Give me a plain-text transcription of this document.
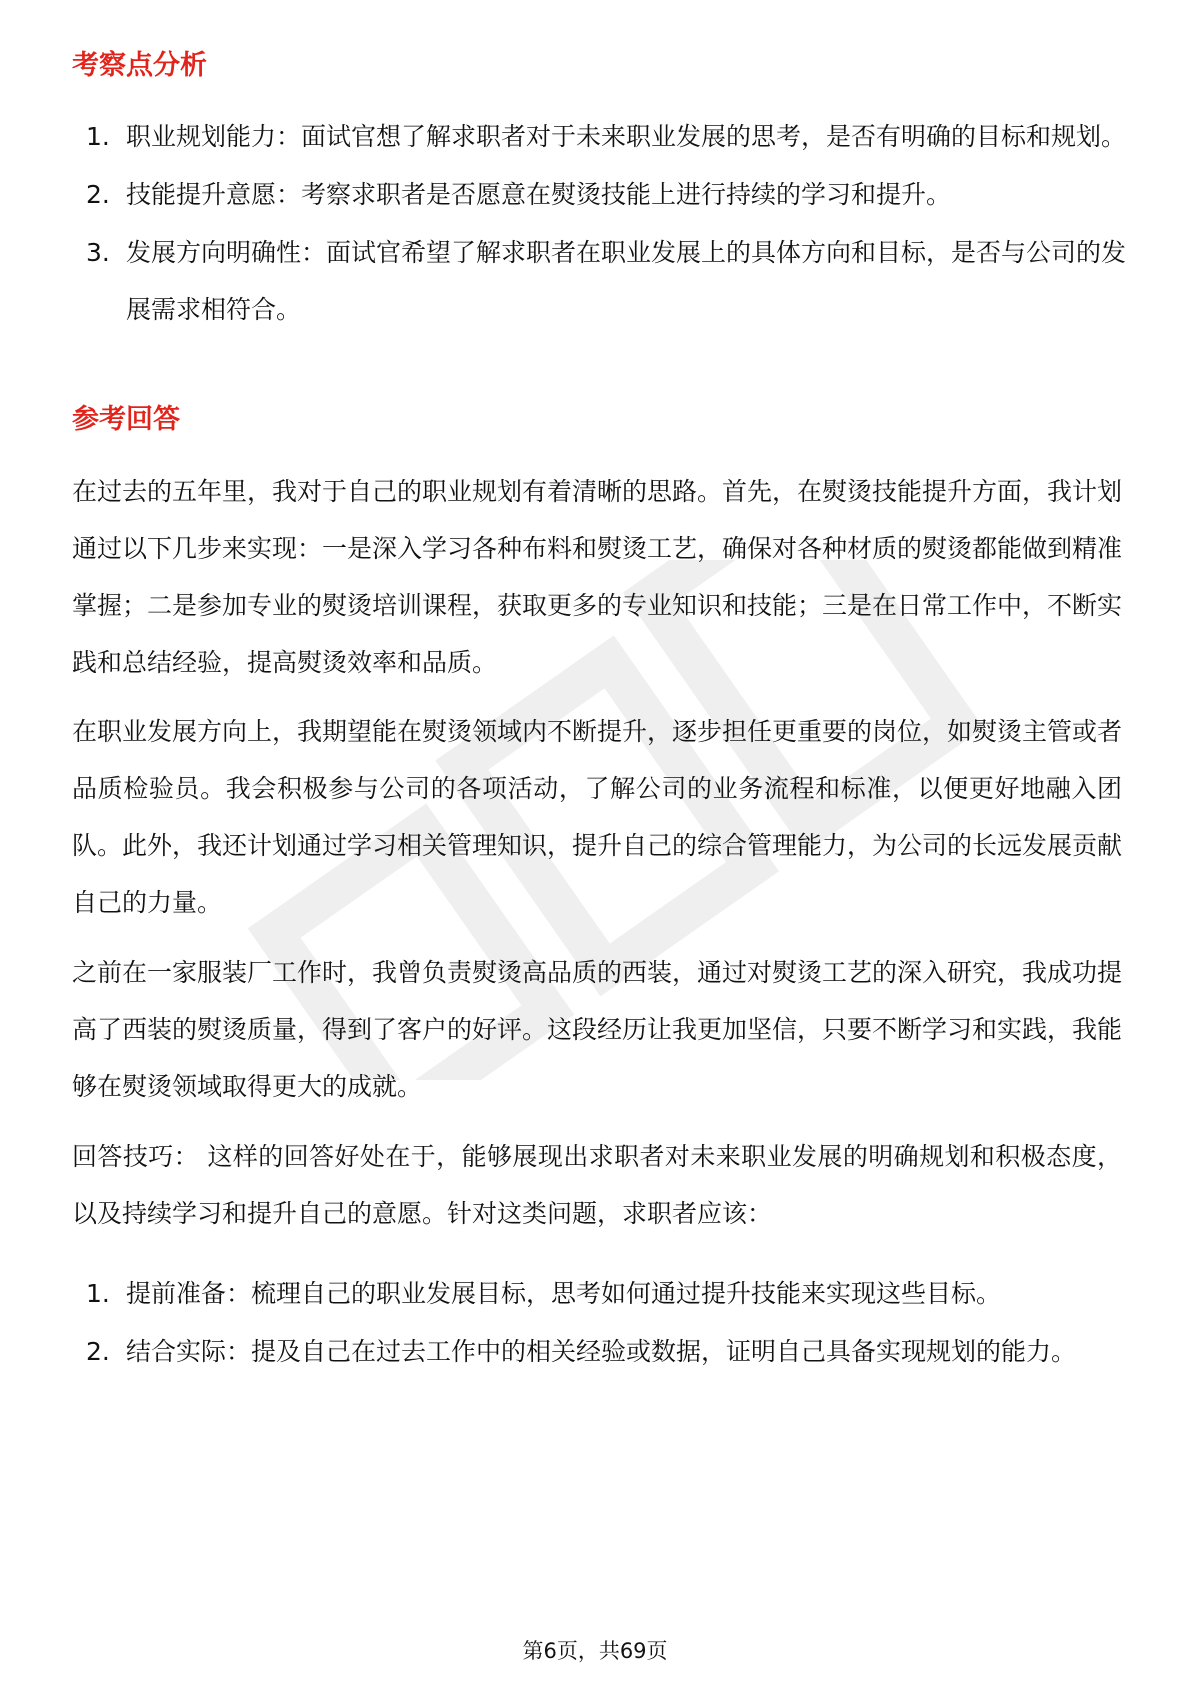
考察点分析
1. 职业规划能力：面试官想了解求职者对于未来职业发展的思考，是否有明确的目标和规划。
2. 技能提升意愿：考察求职者是否愿意在熨烫技能上进行持续的学习和提升。
3. 发展方向明确性：面试官希望了解求职者在职业发展上的具体方向和目标，是否与公司的发展需求相符合。
参考回答

在过去的五年里，我对于自己的职业规划有着清晰的思路。首先，在熨烫技能提升方面，我计划通过以下几步来实现：一是深入学习各种布料和熨烫工艺，确保对各种材质的熨烫都能做到精准掌握；二是参加专业的熨烫培训课程，获取更多的专业知识和技能；三是在日常工作中，不断实践和总结经验，提高熨烫效率和品质。

在职业发展方向上，我期望能在熨烫领域内不断提升，逐步担任更重要的岗位，如熨烫主管或者品质检验员。我会积极参与公司的各项活动，了解公司的业务流程和标准，以便更好地融入团队。此外，我还计划通过学习相关管理知识，提升自己的综合管理能力，为公司的长远发展贡献自己的力量。

之前在一家服装厂工作时，我曾负责熨烫高品质的西装，通过对熨烫工艺的深入研究，我成功提高了西装的熨烫质量，得到了客户的好评。这段经历让我更加坚信，只要不断学习和实践，我能够在熨烫领域取得更大的成就。

回答技巧： 这样的回答好处在于，能够展现出求职者对未来职业发展的明确规划和积极态度，以及持续学习和提升自己的意愿。针对这类问题，求职者应该：

1. 提前准备：梳理自己的职业发展目标，思考如何通过提升技能来实现这些目标。
2. 结合实际：提及自己在过去工作中的相关经验或数据，证明自己具备实现规划的能力。
第6页，共69页
